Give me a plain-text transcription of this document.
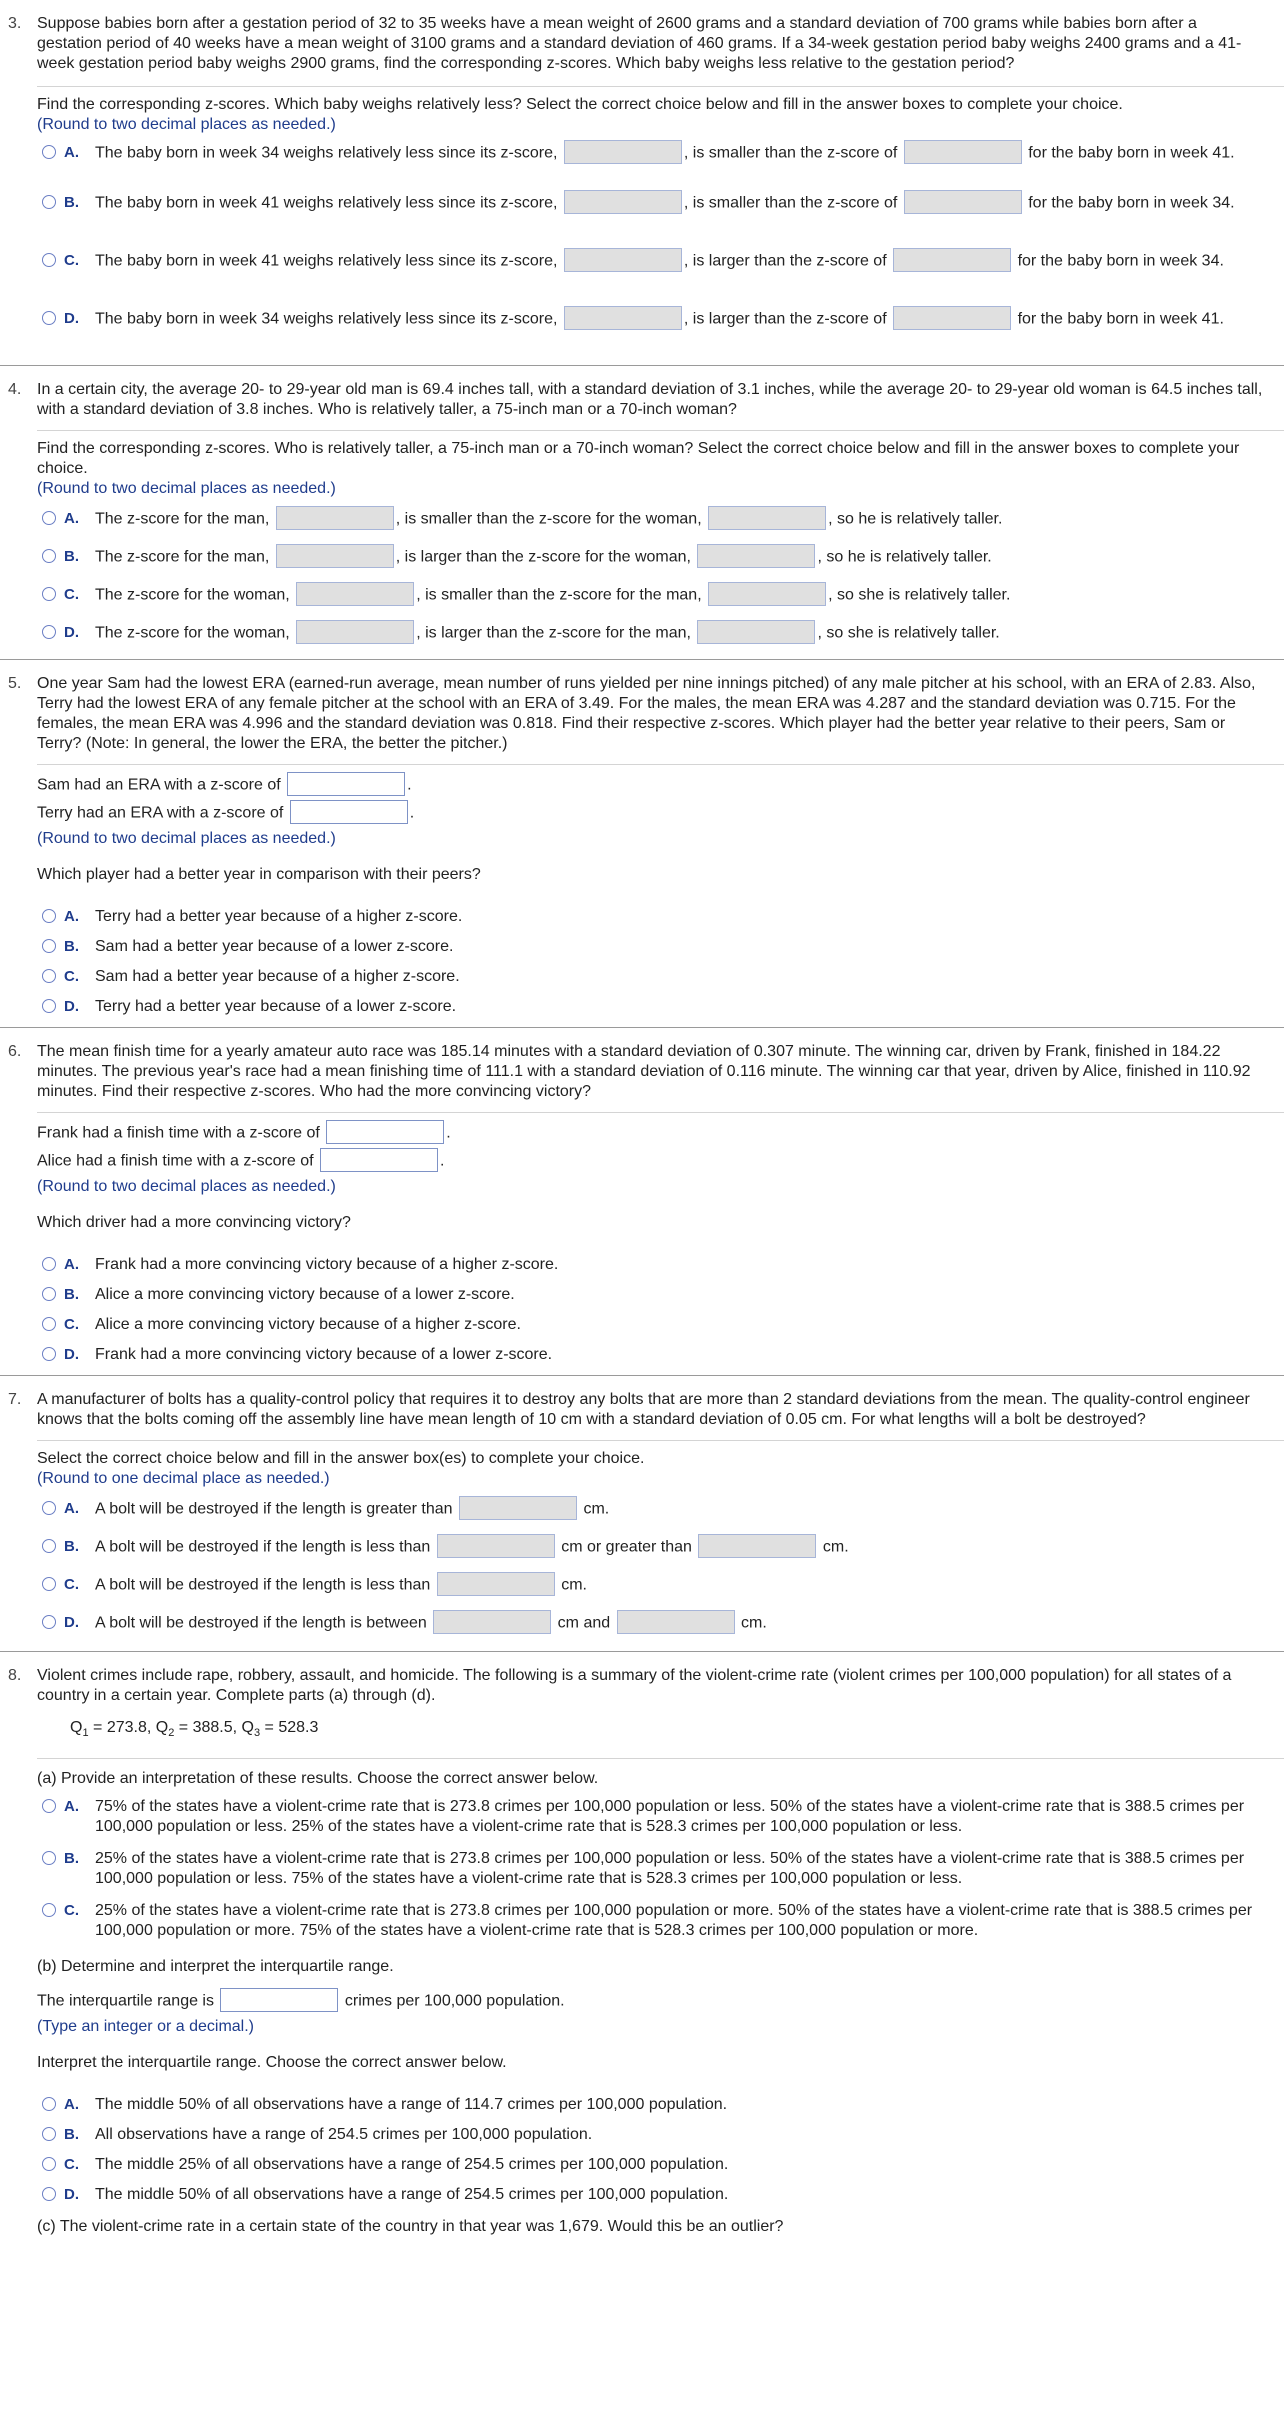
3. Suppose babies born after a gestation period of 32 to 35 weeks have a mean weight of 2600 grams and a standard deviation of 700 grams while babies born after a gestation period of 40 weeks have a mean weight of 3100 grams and a standard deviation of 460 grams. If a 34-week gestation period baby weighs 2400 grams and a 41-week gestation period baby weighs 2900 grams, find the corresponding z-scores. Which baby weighs less relative to the gestation period?
Find the corresponding z-scores. Which baby weighs relatively less? Select the correct choice below and fill in the answer boxes to complete your choice.
(Round to two decimal places as needed.)
A. The baby born in week 34 weighs relatively less since its z-score,	, is smaller than the z-score of	for the baby born in week 41.
B. The baby born in week 41 weighs relatively less since its z-score,	, is smaller than the z-score of	for the baby born in week 34.
C. The baby born in week 41 weighs relatively less since its z-score,	, is larger than the z-score of	for the baby born in week 34.
D. The baby born in week 34 weighs relatively less since its z-score,	, is larger than the z-score of	for the baby born in week 41.
4. In a certain city, the average 20- to 29-year old man is 69.4 inches tall, with a standard deviation of 3.1 inches, while the average 20- to 29-year old woman is 64.5 inches tall, with a standard deviation of 3.8 inches. Who is relatively taller, a 75-inch man or a 70-inch woman?
Find the corresponding z-scores. Who is relatively taller, a 75-inch man or a 70-inch woman? Select the correct choice below and fill in the answer boxes to complete your choice.
(Round to two decimal places as needed.)
A. The z-score for the man,	, is smaller than the z-score for the woman,	, so he is relatively taller.
B. The z-score for the man,	, is larger than the z-score for the woman,	, so he is relatively taller.
C. The z-score for the woman,	, is smaller than the z-score for the man,	, so she is relatively taller.
D. The z-score for the woman,	, is larger than the z-score for the man,	, so she is relatively taller.
5. One year Sam had the lowest ERA (earned-run average, mean number of runs yielded per nine innings pitched) of any male pitcher at his school, with an ERA of 2.83. Also, Terry had the lowest ERA of any female pitcher at the school with an ERA of 3.49. For the males, the mean ERA was 4.287 and the standard deviation was 0.715. For the females, the mean ERA was 4.996 and the standard deviation was 0.818. Find their respective z-scores. Which player had the better year relative to their peers, Sam or Terry? (Note: In general, the lower the ERA, the better the pitcher.)
Sam had an ERA with a z-score of	.
Terry had an ERA with a z-score of	.
(Round to two decimal places as needed.)
Which player had a better year in comparison with their peers?
A. Terry had a better year because of a higher z-score.
B. Sam had a better year because of a lower z-score.
C. Sam had a better year because of a higher z-score.
D. Terry had a better year because of a lower z-score.
6. The mean finish time for a yearly amateur auto race was 185.14 minutes with a standard deviation of 0.307 minute. The winning car, driven by Frank, finished in 184.22 minutes. The previous year's race had a mean finishing time of 111.1 with a standard deviation of 0.116 minute. The winning car that year, driven by Alice, finished in 110.92 minutes. Find their respective z-scores. Who had the more convincing victory?
Frank had a finish time with a z-score of	.
Alice had a finish time with a z-score of	.
(Round to two decimal places as needed.)
Which driver had a more convincing victory?
A. Frank had a more convincing victory because of a higher z-score.
B. Alice a more convincing victory because of a lower z-score.
C. Alice a more convincing victory because of a higher z-score.
D. Frank had a more convincing victory because of a lower z-score.
7. A manufacturer of bolts has a quality-control policy that requires it to destroy any bolts that are more than 2 standard deviations from the mean. The quality-control engineer knows that the bolts coming off the assembly line have mean length of 10 cm with a standard deviation of 0.05 cm. For what lengths will a bolt be destroyed?
Select the correct choice below and fill in the answer box(es) to complete your choice.
(Round to one decimal place as needed.)
A. A bolt will be destroyed if the length is greater than	cm.
B. A bolt will be destroyed if the length is less than	cm or greater than	cm.
C. A bolt will be destroyed if the length is less than	cm.
D. A bolt will be destroyed if the length is between	cm and	cm.
8. Violent crimes include rape, robbery, assault, and homicide. The following is a summary of the violent-crime rate (violent crimes per 100,000 population) for all states of a country in a certain year. Complete parts (a) through (d).
$Q_1 = 273.8$, $Q_2 = 388.5$, $Q_3 = 528.3$
(a) Provide an interpretation of these results. Choose the correct answer below.
A. 75% of the states have a violent-crime rate that is 273.8 crimes per 100,000 population or less. 50% of the states have a violent-crime rate that is 388.5 crimes per 100,000 population or less. 25% of the states have a violent-crime rate that is 528.3 crimes per 100,000 population or less.
B. 25% of the states have a violent-crime rate that is 273.8 crimes per 100,000 population or less. 50% of the states have a violent-crime rate that is 388.5 crimes per 100,000 population or less. 75% of the states have a violent-crime rate that is 528.3 crimes per 100,000 population or less.
C. 25% of the states have a violent-crime rate that is 273.8 crimes per 100,000 population or more. 50% of the states have a violent-crime rate that is 388.5 crimes per 100,000 population or more. 75% of the states have a violent-crime rate that is 528.3 crimes per 100,000 population or more.
(b) Determine and interpret the interquartile range.
The interquartile range is	crimes per 100,000 population.
(Type an integer or a decimal.)
Interpret the interquartile range. Choose the correct answer below.
A. The middle 50% of all observations have a range of 114.7 crimes per 100,000 population.
B. All observations have a range of 254.5 crimes per 100,000 population.
C. The middle 25% of all observations have a range of 254.5 crimes per 100,000 population.
D. The middle 50% of all observations have a range of 254.5 crimes per 100,000 population.
(c) The violent-crime rate in a certain state of the country in that year was 1,679. Would this be an outlier?
